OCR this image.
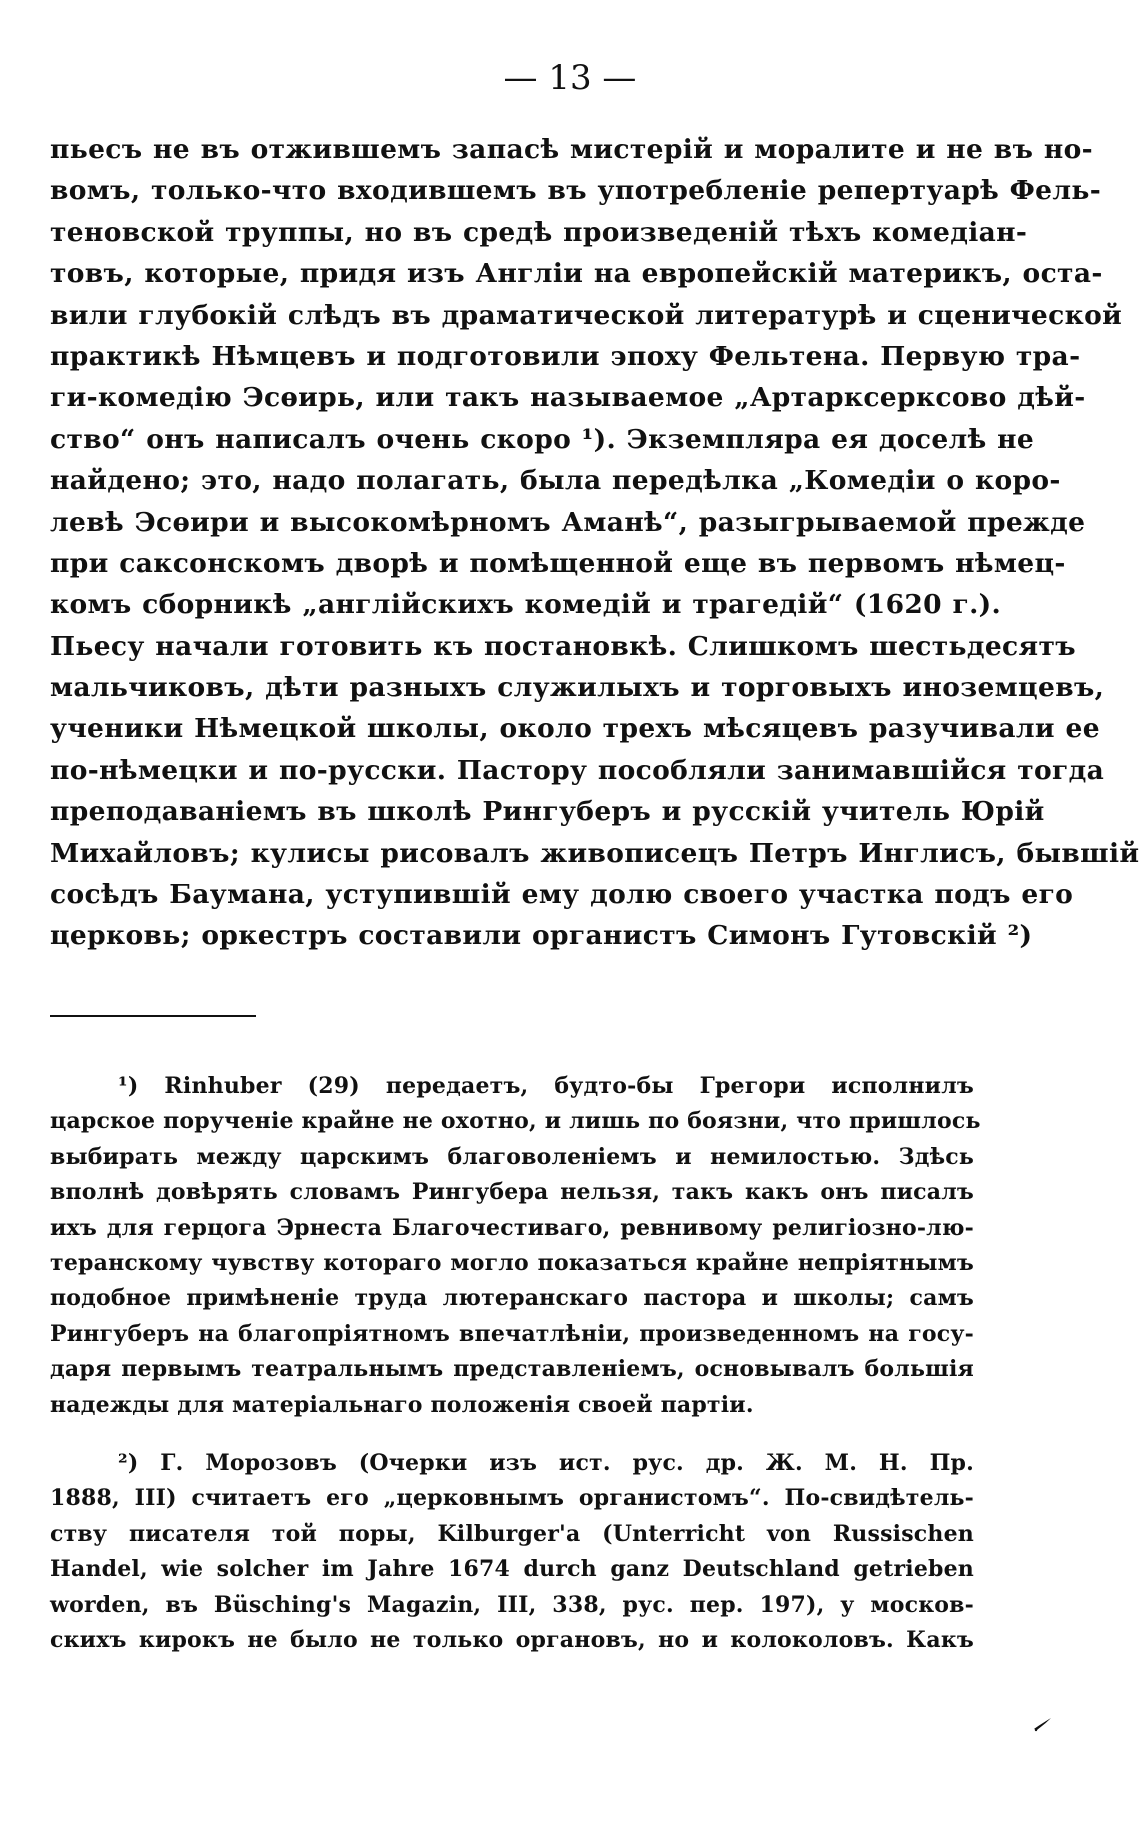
— 13 —
пьесъ не въ отжившемъ запасѣ мистерій и моралите и не въ но-
вомъ, только-что входившемъ въ употребленіе репертуарѣ Фель-
теновской труппы, но въ средѣ произведеній тѣхъ комедіан-
товъ, которые, придя изъ Англіи на европейскій материкъ, оста-
вили глубокій слѣдъ въ драматической литературѣ и сценической
практикѣ Нѣмцевъ и подготовили эпоху Фельтена. Первую тра-
ги-комедію Эсѳирь, или такъ называемое „Артарксерксово дѣй-
ство“ онъ написалъ очень скоро ¹). Экземпляра ея доселѣ не
найдено; это, надо полагать, была передѣлка „Комедіи о коро-
левѣ Эсѳири и высокомѣрномъ Аманѣ“, разыгрываемой прежде
при саксонскомъ дворѣ и помѣщенной еще въ первомъ нѣмец-
комъ сборникѣ „англійскихъ комедій и трагедій“ (1620 г.).
Пьесу начали готовить къ постановкѣ. Слишкомъ шестьдесятъ
мальчиковъ, дѣти разныхъ служилыхъ и торговыхъ иноземцевъ,
ученики Нѣмецкой школы, около трехъ мѣсяцевъ разучивали ее
по-нѣмецки и по-русски. Пастору пособляли занимавшійся тогда
преподаваніемъ въ школѣ Рингуберъ и русскій учитель Юрій
Михайловъ; кулисы рисовалъ живописецъ Петръ Инглисъ, бывшій
сосѣдъ Баумана, уступившій ему долю своего участка подъ его
церковь; оркестръ составили органистъ Симонъ Гутовскій ²)
¹) Rinhuber (29) передаетъ, будто-бы Грегори исполнилъ
царское порученіе крайне не охотно, и лишь по боязни, что пришлось
выбирать между царскимъ благоволеніемъ и немилостью. Здѣсь
вполнѣ довѣрять словамъ Рингубера нельзя, такъ какъ онъ писалъ
ихъ для герцога Эрнеста Благочестиваго, ревнивому религіозно-лю-
теранскому чувству котораго могло показаться крайне непріятнымъ
подобное примѣненіе труда лютеранскаго пастора и школы; самъ
Рингуберъ на благопріятномъ впечатлѣніи, произведенномъ на госу-
даря первымъ театральнымъ представленіемъ, основывалъ большія
надежды для матеріальнаго положенія своей партіи.
²) Г. Морозовъ (Очерки изъ ист. рус. др. Ж. М. Н. Пр.
1888, III) считаетъ его „церковнымъ органистомъ“. По-свидѣтель-
ству писателя той поры, Kilburger'a (Unterricht von Russischen
Handel, wie solcher im Jahre 1674 durch ganz Deutschland getrieben
worden, въ Büsching's Magazin, III, 338, рус. пер. 197), у москов-
скихъ кирокъ не было не только органовъ, но и колоколовъ. Какъ
